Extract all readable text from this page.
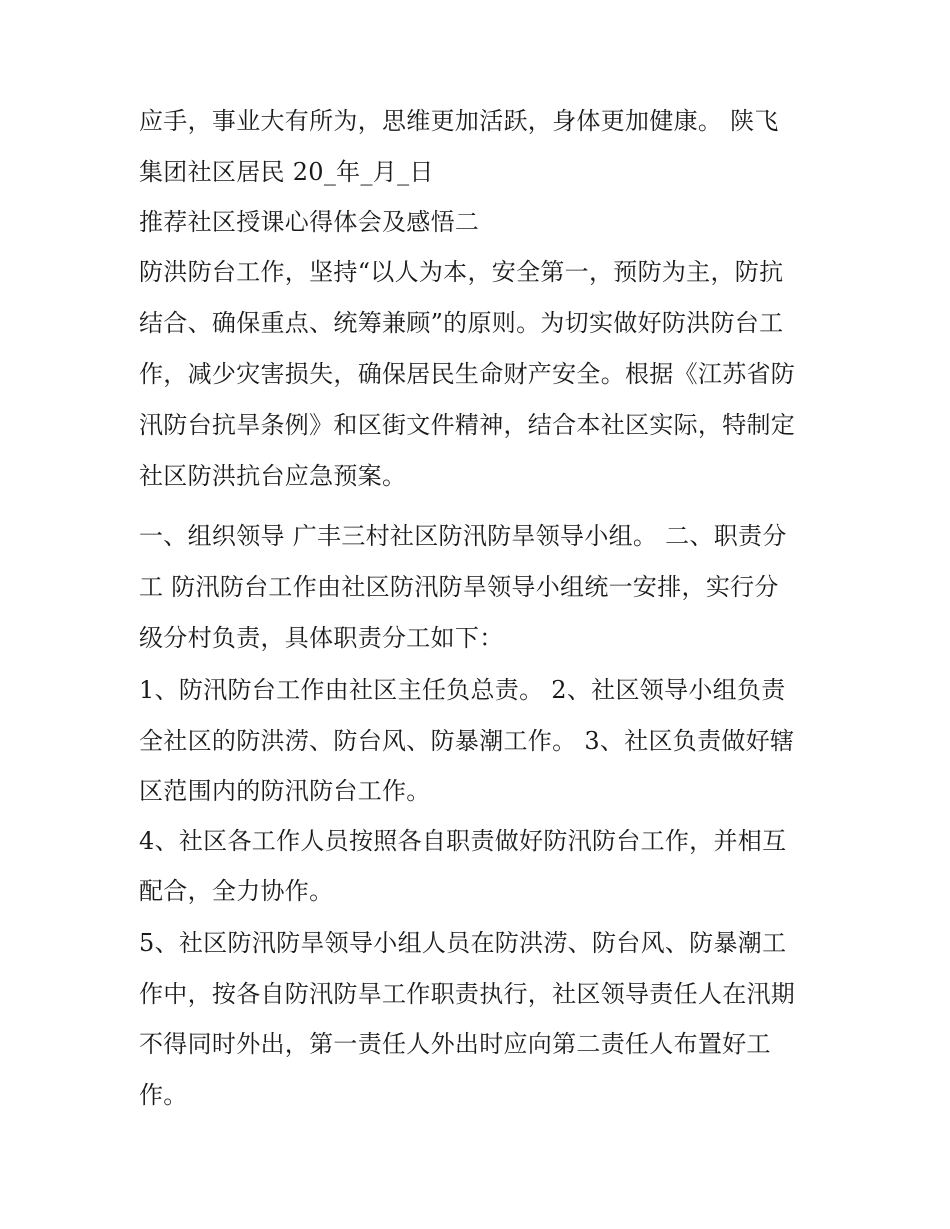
应手，事业大有所为，思维更加活跃，身体更加健康。 陕飞
集团社区居民 20_年_月_日
推荐社区授课心得体会及感悟二
防洪防台工作，坚持“以人为本，安全第一，预防为主，防抗
结合、确保重点、统筹兼顾”的原则。为切实做好防洪防台工
作，减少灾害损失，确保居民生命财产安全。根据《江苏省防
汛防台抗旱条例》和区街文件精神，结合本社区实际，特制定
社区防洪抗台应急预案。
一、组织领导 广丰三村社区防汛防旱领导小组。 二、职责分
工 防汛防台工作由社区防汛防旱领导小组统一安排，实行分
级分村负责，具体职责分工如下：
1、防汛防台工作由社区主任负总责。 2、社区领导小组负责
全社区的防洪涝、防台风、防暴潮工作。 3、社区负责做好辖
区范围内的防汛防台工作。
4、社区各工作人员按照各自职责做好防汛防台工作，并相互
配合，全力协作。
5、社区防汛防旱领导小组人员在防洪涝、防台风、防暴潮工
作中，按各自防汛防旱工作职责执行，社区领导责任人在汛期
不得同时外出，第一责任人外出时应向第二责任人布置好工
作。
